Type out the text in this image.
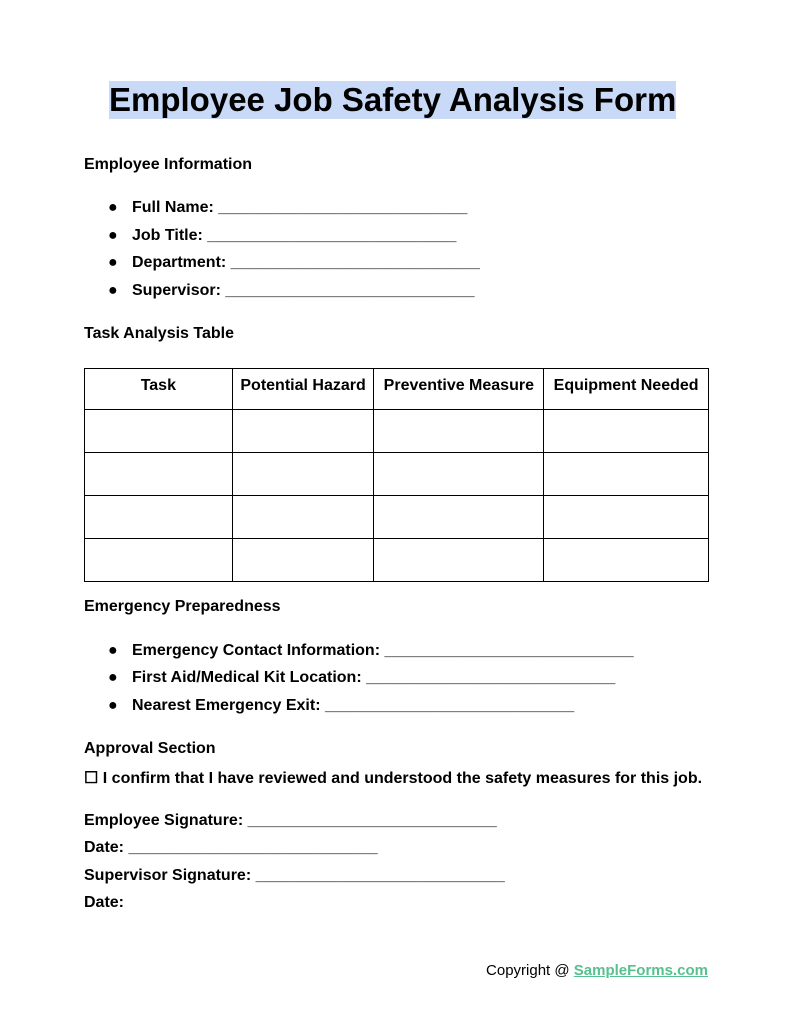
Employee Job Safety Analysis Form
Employee Information
● Full Name: ____________________________
● Job Title: ____________________________
● Department: ____________________________
● Supervisor: ____________________________
Task Analysis Table
Task	Potential Hazard	Preventive Measure	Equipment Needed

Emergency Preparedness
● Emergency Contact Information: ____________________________
● First Aid/Medical Kit Location: ____________________________
● Nearest Emergency Exit: ____________________________
Approval Section
☐ I confirm that I have reviewed and understood the safety measures for this job.
Employee Signature: ____________________________
Date: ____________________________
Supervisor Signature: ____________________________
Date: ____________________________
Copyright @ SampleForms.com
